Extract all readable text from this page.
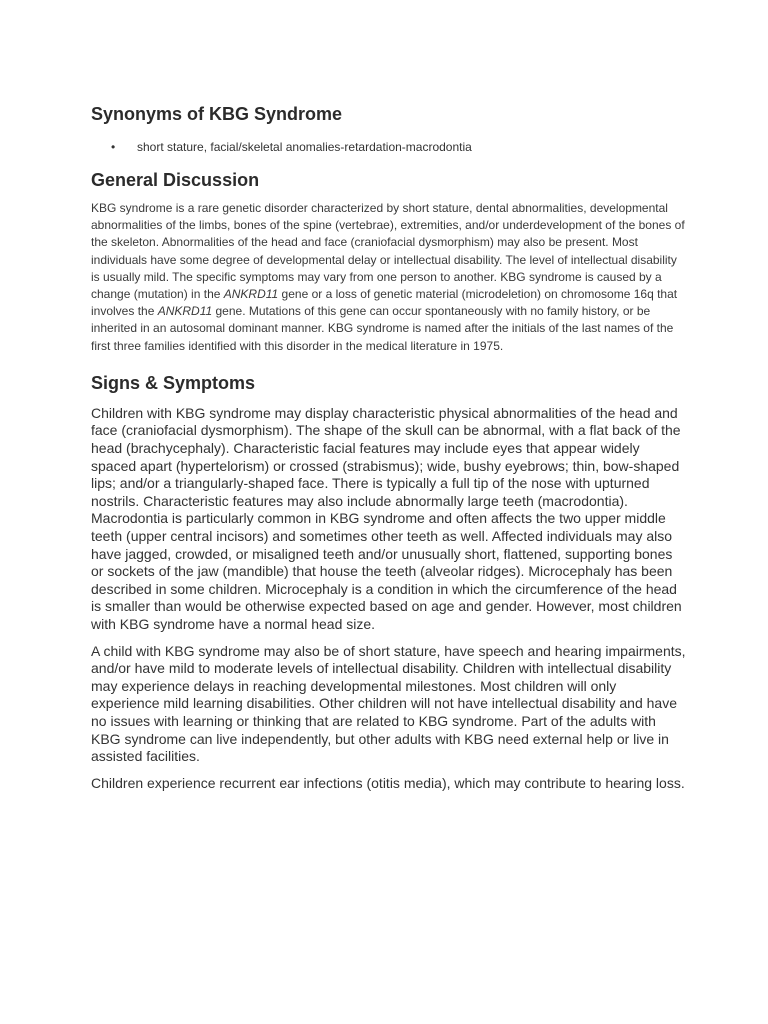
Synonyms of KBG Syndrome
• short stature, facial/skeletal anomalies-retardation-macrodontia
General Discussion

KBG syndrome is a rare genetic disorder characterized by short stature, dental abnormalities, developmental abnormalities of the limbs, bones of the spine (vertebrae), extremities, and/or underdevelopment of the bones of the skeleton. Abnormalities of the head and face (craniofacial dysmorphism) may also be present. Most individuals have some degree of developmental delay or intellectual disability. The level of intellectual disability is usually mild. The specific symptoms may vary from one person to another. KBG syndrome is caused by a change (mutation) in the ANKRD11 gene or a loss of genetic material (microdeletion) on chromosome 16q that involves the ANKRD11 gene. Mutations of this gene can occur spontaneously with no family history, or be inherited in an autosomal dominant manner. KBG syndrome is named after the initials of the last names of the first three families identified with this disorder in the medical literature in 1975.

Signs & Symptoms

Children with KBG syndrome may display characteristic physical abnormalities of the head and face (craniofacial dysmorphism). The shape of the skull can be abnormal, with a flat back of the head (brachycephaly). Characteristic facial features may include eyes that appear widely spaced apart (hypertelorism) or crossed (strabismus); wide, bushy eyebrows; thin, bow-shaped lips; and/or a triangularly-shaped face. There is typically a full tip of the nose with upturned nostrils. Characteristic features may also include abnormally large teeth (macrodontia). Macrodontia is particularly common in KBG syndrome and often affects the two upper middle teeth (upper central incisors) and sometimes other teeth as well. Affected individuals may also have jagged, crowded, or misaligned teeth and/or unusually short, flattened, supporting bones or sockets of the jaw (mandible) that house the teeth (alveolar ridges). Microcephaly has been described in some children. Microcephaly is a condition in which the circumference of the head is smaller than would be otherwise expected based on age and gender. However, most children with KBG syndrome have a normal head size.

A child with KBG syndrome may also be of short stature, have speech and hearing impairments, and/or have mild to moderate levels of intellectual disability. Children with intellectual disability may experience delays in reaching developmental milestones. Most children will only experience mild learning disabilities. Other children will not have intellectual disability and have no issues with learning or thinking that are related to KBG syndrome. Part of the adults with KBG syndrome can live independently, but other adults with KBG need external help or live in assisted facilities.

Children experience recurrent ear infections (otitis media), which may contribute to hearing loss.
